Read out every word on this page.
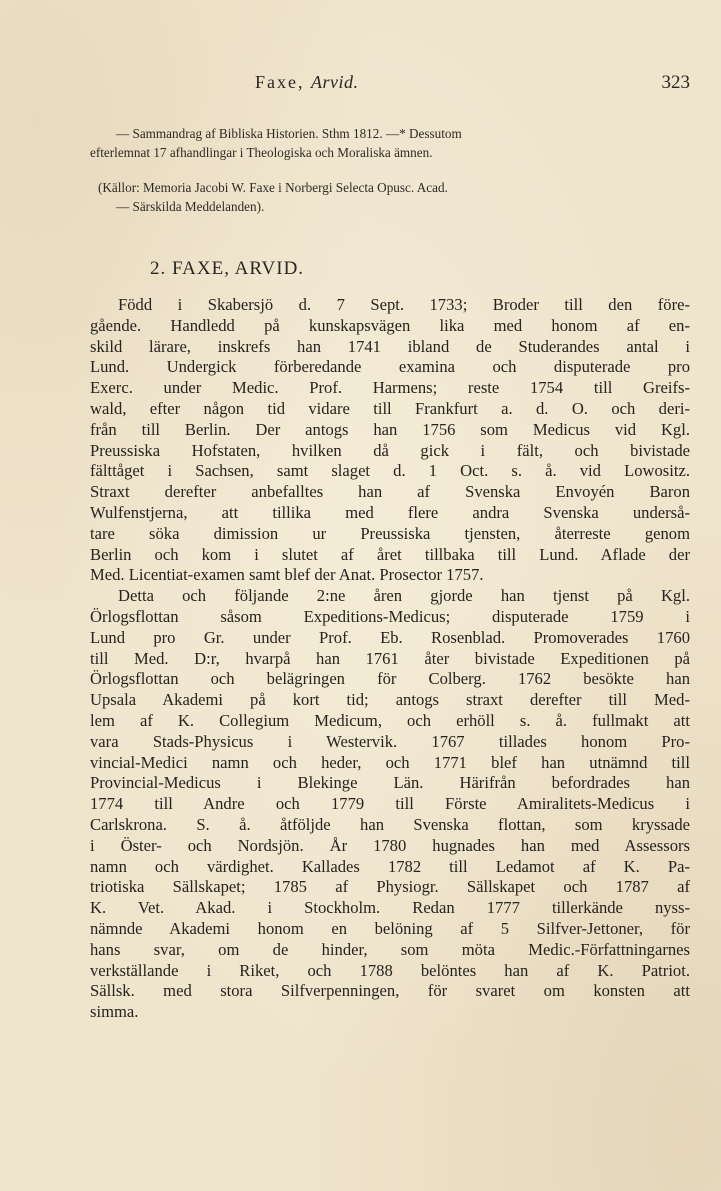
Faxe, Arvid.	323
— Sammandrag af Bibliska Historien. Sthm 1812. —* Dessutom
efterlemnat 17 afhandlingar i Theologiska och Moraliska ämnen.
(Källor: Memoria Jacobi W. Faxe i Norbergi Selecta Opusc. Acad.
— Särskilda Meddelanden).
2. FAXE, ARVID.
Född i Skabersjö d. 7 Sept. 1733; Broder till den före-
gående. Handledd på kunskapsvägen lika med honom af en-
skild lärare, inskrefs han 1741 ibland de Studerandes antal i
Lund. Undergick förberedande examina och disputerade pro
Exerc. under Medic. Prof. Harmens; reste 1754 till Greifs-
wald, efter någon tid vidare till Frankfurt a. d. O. och deri-
från till Berlin. Der antogs han 1756 som Medicus vid Kgl.
Preussiska Hofstaten, hvilken då gick i fält, och bivistade
fälttåget i Sachsen, samt slaget d. 1 Oct. s. å. vid Lowositz.
Straxt derefter anbefalltes han af Svenska Envoyén Baron
Wulfenstjerna, att tillika med flere andra Svenska underså-
tare söka dimission ur Preussiska tjensten, återreste genom
Berlin och kom i slutet af året tillbaka till Lund. Aflade der
Med. Licentiat-examen samt blef der Anat. Prosector 1757.
Detta och följande 2:ne åren gjorde han tjenst på Kgl.
Örlogsflottan såsom Expeditions-Medicus; disputerade 1759 i
Lund pro Gr. under Prof. Eb. Rosenblad. Promoverades 1760
till Med. D:r, hvarpå han 1761 åter bivistade Expeditionen på
Örlogsflottan och belägringen för Colberg. 1762 besökte han
Upsala Akademi på kort tid; antogs straxt derefter till Med-
lem af K. Collegium Medicum, och erhöll s. å. fullmakt att
vara Stads-Physicus i Westervik. 1767 tillades honom Pro-
vincial-Medici namn och heder, och 1771 blef han utnämnd till
Provincial-Medicus i Blekinge Län. Härifrån befordrades han
1774 till Andre och 1779 till Förste Amiralitets-Medicus i
Carlskrona. S. å. åtföljde han Svenska flottan, som kryssade
i Öster- och Nordsjön. År 1780 hugnades han med Assessors
namn och värdighet. Kallades 1782 till Ledamot af K. Pa-
triotiska Sällskapet; 1785 af Physiogr. Sällskapet och 1787 af
K. Vet. Akad. i Stockholm. Redan 1777 tillerkände nyss-
nämnde Akademi honom en belöning af 5 Silfver-Jettoner, för
hans svar, om de hinder, som möta Medic.-Författningarnes
verkställande i Riket, och 1788 belöntes han af K. Patriot.
Sällsk. med stora Silfverpenningen, för svaret om konsten att
simma.
